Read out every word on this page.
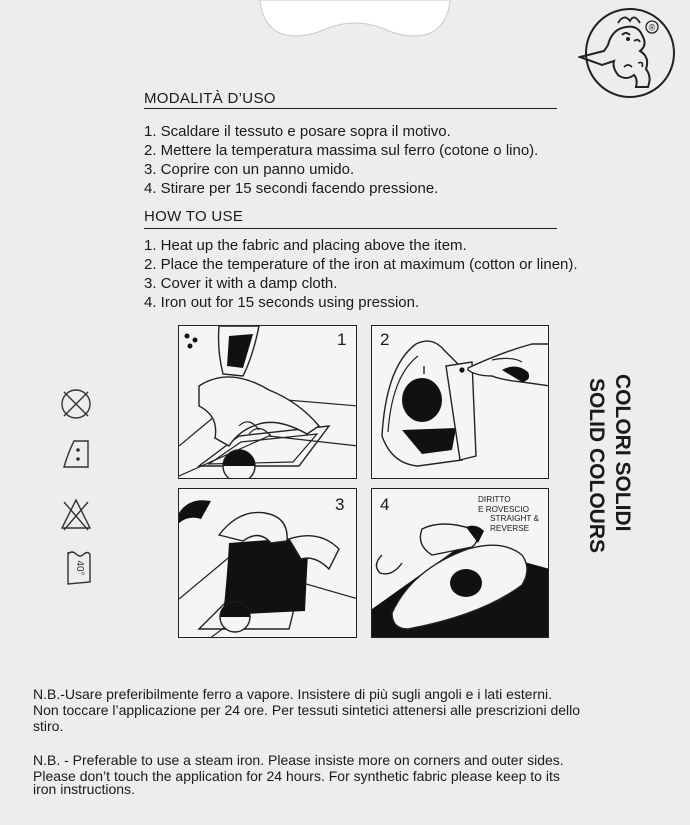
®
MODALITÀ D’USO
1. Scaldare il tessuto e posare sopra il motivo.
2. Mettere la temperatura massima sul ferro (cotone o lino).
3. Coprire con un panno umido.
4. Stirare per 15 secondi facendo pressione.
HOW TO USE
1. Heat up the fabric and placing above the item.
2. Place the temperature of the iron at maximum (cotton or linen).
3. Cover it with a damp cloth.
4. Iron out for 15 seconds using pression.
1 2
3 4	DIRITTO
E ROVESCIO
STRAIGHT &
REVERSE
40°
COLORI SOLIDI
SOLID COLOURS
N.B.-Usare preferibilmente ferro a vapore. Insistere di più sugli angoli e i lati esterni.
Non toccare l’applicazione per 24 ore. Per tessuti sintetici attenersi alle prescrizioni dello
stiro.
N.B. - Preferable to use a steam iron. Please insiste more on corners and outer sides.
Please don’t touch the application for 24 hours. For synthetic fabric please keep to its
iron instructions.
